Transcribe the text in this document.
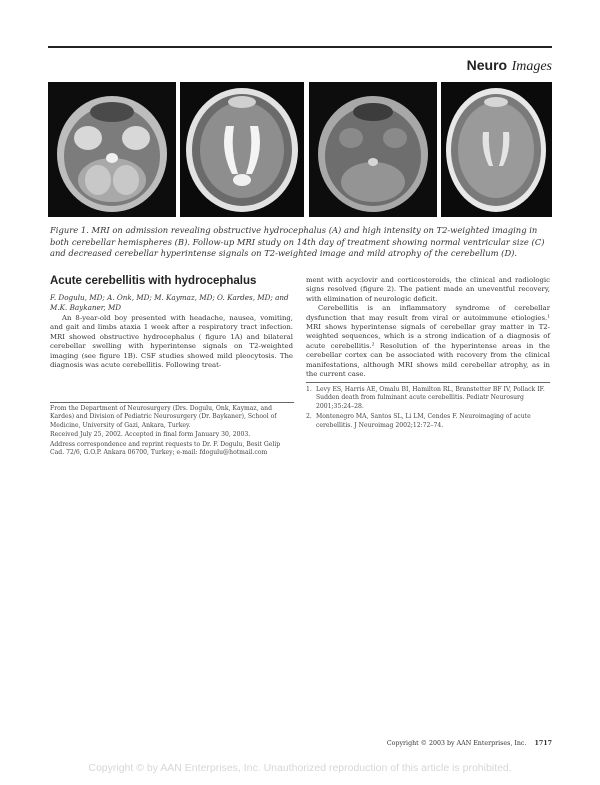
Neuro Images
Figure 1. MRI on admission revealing obstructive hydrocephalus (A) and high intensity on T2-weighted imaging in both cerebellar hemispheres (B). Follow-up MRI study on 14th day of treatment showing normal ventricular size (C) and decreased cerebellar hyperintense signals on T2-weighted image and mild atrophy of the cerebellum (D).
Acute cerebellitis with hydrocephalus
F. Dogulu, MD; A. Onk, MD; M. Kaymaz, MD; O. Kardes, MD; and M.K. Baykaner, MD

An 8-year-old boy presented with headache, nausea, vomiting, and gait and limbs ataxia 1 week after a respiratory tract infection. MRI showed obstructive hydrocephalus ( figure 1A) and bilateral cerebellar swelling with hyperintense signals on T2-weighted imaging (see figure 1B). CSF studies showed mild pleocytosis. The diagnosis was acute cerebellitis. Following treat-

From the Department of Neurosurgery (Drs. Dogulu, Onk, Kaymaz, and Kardes) and Division of Pediatric Neurosurgery (Dr. Baykaner), School of Medicine, University of Gazi, Ankara, Turkey.

Received July 25, 2002. Accepted in final form January 30, 2003.

Address correspondence and reprint requests to Dr. F. Dogulu, Besit Gelip Cad. 72/6, G.O.P. Ankara 06700, Turkey; e-mail: fdogulu@hotmail.com

ment with acyclovir and corticosteroids, the clinical and radiologic signs resolved (figure 2). The patient made an uneventful recovery, with elimination of neurologic deficit.

Cerebellitis is an inflammatory syndrome of cerebellar dysfunction that may result from viral or autoimmune etiologies.¹ MRI shows hyperintense signals of cerebellar gray matter in T2-weighted sequences, which is a strong indication of a diagnosis of acute cerebellitis.² Resolution of the hyperintense areas in the cerebellar cortex can be associated with recovery from the clinical manifestations, although MRI shows mild cerebellar atrophy, as in the current case.

1. Levy ES, Harris AE, Omalu BI, Hamilton RL, Branstetter BF IV, Pollack IF. Sudden death from fulminant acute cerebellitis. Pediatr Neurosurg 2001;35:24–28.
2. Montenegro MA, Santos SL, Li LM, Cendes F. Neuroimaging of acute cerebellitis. J Neuroimag 2002;12:72–74.
Copyright © 2003 by AAN Enterprises, Inc. 1717
Copyright © by AAN Enterprises, Inc. Unauthorized reproduction of this article is prohibited.
